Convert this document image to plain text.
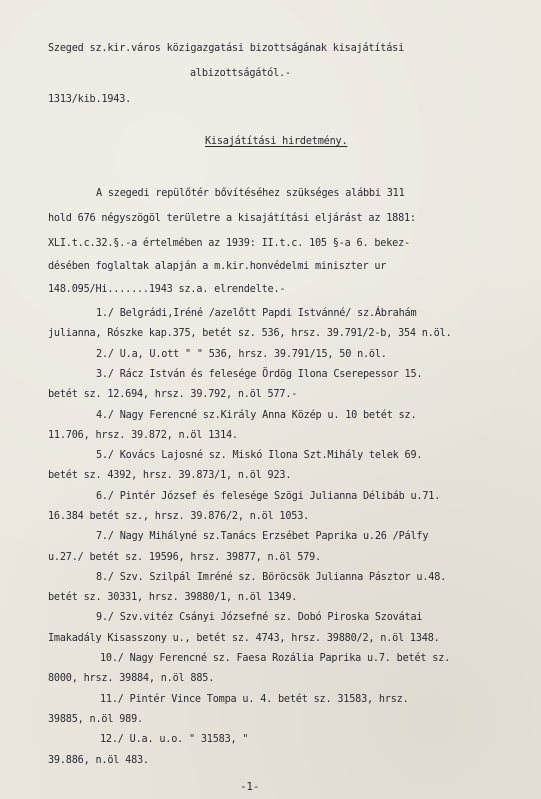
Szeged sz.kir.város közigazgatási bizottságának kisajátítási
albizottságától.-
1313/kib.1943.
Kisajátítási hirdetmény.
A szegedi repülőtér bővítéséhez szükséges alábbi 311
hold 676 négyszögöl területre a kisajátítási eljárást az 1881:
XLI.t.c.32.§.-a értelmében az 1939: II.t.c. 105 §-a 6. bekez-
désében foglaltak alapján a m.kir.honvédelmi miniszter ur
148.095/Hi.......1943 sz.a. elrendelte.-
1./ Belgrádi,Iréné /azelőtt Papdi Istvánné/ sz.Ábrahám
julianna, Rószke kap.375, betét sz. 536, hrsz. 39.791/2-b, 354 n.öl.
2./ U.a, U.ott " " 536, hrsz. 39.791/15, 50 n.öl.
3./ Rácz István és felesége Ördög Ilona Cserepessor 15.
betét sz. 12.694, hrsz. 39.792, n.öl 577.-
4./ Nagy Ferencné sz.Király Anna Közép u. 10 betét sz.
11.706, hrsz. 39.872, n.öl 1314.
5./ Kovács Lajosné sz. Miskó Ilona Szt.Mihály telek 69.
betét sz. 4392, hrsz. 39.873/1, n.öl 923.
6./ Pintér József és felesége Szögi Julianna Délibáb u.71.
16.384 betét sz., hrsz. 39.876/2, n.öl 1053.
7./ Nagy Mihályné sz.Tanács Erzsébet Paprika u.26 /Pálfy
u.27./ betét sz. 19596, hrsz. 39877, n.öl 579.
8./ Szv. Szilpál Imréné sz. Böröcsök Julianna Pásztor u.48.
betét sz. 30331, hrsz. 39880/1, n.öl 1349.
9./ Szv.vitéz Csányi Józsefné sz. Dobó Piroska Szovátai
Imakadály Kisasszony u., betét sz. 4743, hrsz. 39880/2, n.öl 1348.
10./ Nagy Ferencné sz. Faesa Rozália Paprika u.7. betét sz.
8000, hrsz. 39884, n.öl 885.
11./ Pintér Vince Tompa u. 4. betét sz. 31583, hrsz.
39885, n.öl 989.
12./ U.a. u.o. " 31583, "
39.886, n.öl 483.
-1-
